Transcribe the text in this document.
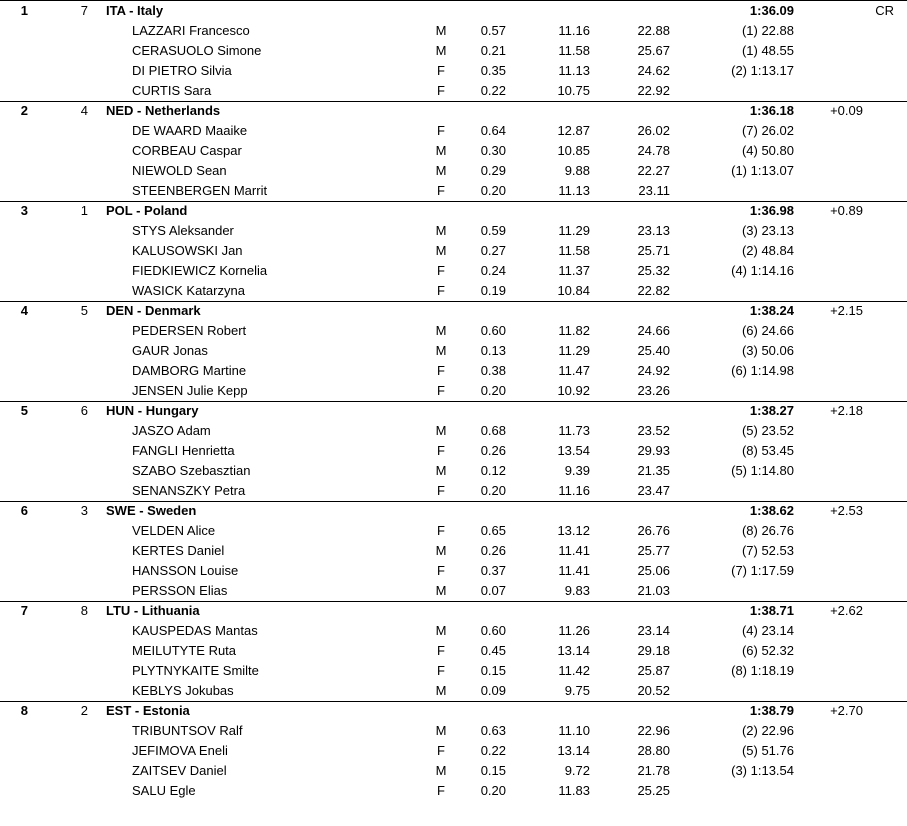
1	7 ITA - Italy	1:36.09	CR
LAZZARI Francesco	M	0.57	11.16	22.88	(1) 22.88
CERASUOLO Simone	M	0.21	11.58	25.67	(1) 48.55
DI PIETRO Silvia	F	0.35	11.13	24.62	(2) 1:13.17
CURTIS Sara	F	0.22	10.75	22.92
2	4 NED - Netherlands	1:36.18	+0.09
DE WAARD Maaike	F	0.64	12.87	26.02	(7) 26.02
CORBEAU Caspar	M	0.30	10.85	24.78	(4) 50.80
NIEWOLD Sean	M	0.29	9.88	22.27	(1) 1:13.07
STEENBERGEN Marrit	F	0.20	11.13	23.11
3	1 POL - Poland	1:36.98	+0.89
STYS Aleksander	M	0.59	11.29	23.13	(3) 23.13
KALUSOWSKI Jan	M	0.27	11.58	25.71	(2) 48.84
FIEDKIEWICZ Kornelia	F	0.24	11.37	25.32	(4) 1:14.16
WASICK Katarzyna	F	0.19	10.84	22.82
4	5 DEN - Denmark	1:38.24	+2.15
PEDERSEN Robert	M	0.60	11.82	24.66	(6) 24.66
GAUR Jonas	M	0.13	11.29	25.40	(3) 50.06
DAMBORG Martine	F	0.38	11.47	24.92	(6) 1:14.98
JENSEN Julie Kepp	F	0.20	10.92	23.26
5	6 HUN - Hungary	1:38.27	+2.18
JASZO Adam	M	0.68	11.73	23.52	(5) 23.52
FANGLI Henrietta	F	0.26	13.54	29.93	(8) 53.45
SZABO Szebasztian	M	0.12	9.39	21.35	(5) 1:14.80
SENANSZKY Petra	F	0.20	11.16	23.47
6	3 SWE - Sweden	1:38.62	+2.53
VELDEN Alice	F	0.65	13.12	26.76	(8) 26.76
KERTES Daniel	M	0.26	11.41	25.77	(7) 52.53
HANSSON Louise	F	0.37	11.41	25.06	(7) 1:17.59
PERSSON Elias	M	0.07	9.83	21.03
7	8 LTU - Lithuania	1:38.71	+2.62
KAUSPEDAS Mantas	M	0.60	11.26	23.14	(4) 23.14
MEILUTYTE Ruta	F	0.45	13.14	29.18	(6) 52.32
PLYTNYKAITE Smilte	F	0.15	11.42	25.87	(8) 1:18.19
KEBLYS Jokubas	M	0.09	9.75	20.52
8	2 EST - Estonia	1:38.79	+2.70
TRIBUNTSOV Ralf	M	0.63	11.10	22.96	(2) 22.96
JEFIMOVA Eneli	F	0.22	13.14	28.80	(5) 51.76
ZAITSEV Daniel	M	0.15	9.72	21.78	(3) 1:13.54
SALU Egle	F	0.20	11.83	25.25
